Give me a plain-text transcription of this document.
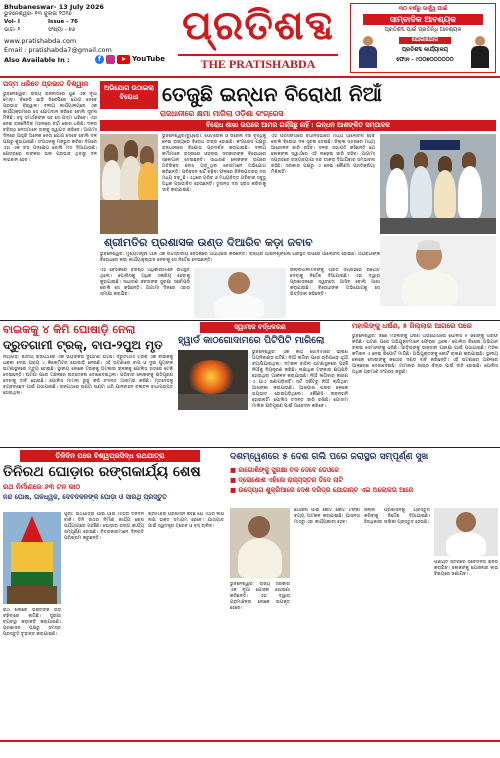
Bhubaneswar- 13 July 2026
ଭୁବନେଶ୍ୱର- ୧୩ ଜୁଲାଇ ୨୦୨୬
Vol- I	Issue - 76
ଭାଗ- ୧	ସଂଖ୍ୟା - ୭୬
www.pratishabda.com
Email : pratishabda7@gmail.com
Also Available In :	f	YouTube
ପ୍ରତିଶବ୍ଦ
THE PRATISHABDA
୩୦ ବର୍ଷରୁ ଊର୍ଦ୍ଧ୍ୱ ପାଇଁ
ସାମ୍ବାଦିକ ଆବଶ୍ୟକ
ପ୍ରତିଶବ୍ଦ ପାଇଁ ପ୍ରତିନିଧି ଆବଶ୍ୟକ
ଯୋଗାଯୋଗ
ପ୍ରତିଶବ୍ଦ କାର୍ଯ୍ୟାଳୟ
ଫୋନ - ୯୦୦୭୦୦୦୦୦୦
ପଦ୍ମ ଧରିବେ ପ୍ରଭାତ ବିଶ୍ୱାଳ
ଭୁବନେଶ୍ୱର: ରାଜ୍ୟ ରାଜନୀତିରେ ପୁଣି ଏକ ନୂଆ ମୋଡ଼। ବିଜେଡି ଛାଡ଼ି ବିଜେପିରେ ଯୋଗ ଦେବେ ପ୍ରଭାତ ବିଶ୍ୱାଳ। ଦଳୀୟ କାର୍ଯ୍ୟାଳୟରେ ଏକ କାର୍ଯ୍ୟକ୍ରମରେ ସେ ଯୋଗଦାନ କରିବେ ବୋଲି ସୂଚନା ମିଳିଛି। ବହୁ ସମର୍ଥକଙ୍କ ସହ ସେ ପଦ୍ମ ଧରିବେ। ଏହା ନେଇ ରାଜନୈତିକ ମହଲରେ ଚର୍ଚ୍ଚା ଜୋର ଧରିଛି। ଦଳର ବରିଷ୍ଠ ନେତାମାନେ ତାଙ୍କୁ ସ୍ୱାଗତ କରିବେ। ଆଗାମୀ ଦିନରେ ଆହୁରି ଅନେକ ନେତା ଯୋଗ ଦେବେ ବୋଲି ଦଳ ପକ୍ଷରୁ କୁହାଯାଇଛି। ସଂଗଠନକୁ ମଜଭୁତ କରିବା ଦିଗରେ ଏହା ଏକ ବଡ଼ ପଦକ୍ଷେପ ବୋଲି ମତ ଦିଆଯାଉଛି। କ୍ଷେତ୍ରରେ ତାଙ୍କର ଭଲ ପ୍ରଭାବ ଥିବାରୁ ଦଳ ଲାଭବାନ ହେବ।
ଅଭିଯୋଗ ଉଠାଇଲା ବିରୋଧୀ	ତେଜୁଛି ଇନ୍ଧନ ବିରୋଧୀ ନିଆଁ
ରାଜଧାନୀରେ କ୍ଷମା ମାଗିଲା ଓଡ଼ିଶା କଂଗ୍ରେସ
ବିରୋଧ ଶାଖା ଉପରେ ଆମର ଗର୍ଜ୍ଜିଛୁ ନାହିଁ : ଇନ୍ଧନ ଆଶଙ୍କିତ ସମ୍ପାଦକ
ଭୁବନେଶ୍ୱର(ବ୍ୟୁରୋ): ପେଟ୍ରୋଲ ଓ ଡିଜେଲ ଦର ବୃଦ୍ଧିକୁ ନେଇ ରାଜ୍ୟରେ ବିରୋଧ ତୀବ୍ର ହୋଇଛି। କଂଗ୍ରେସ ପକ୍ଷରୁ ରାଜଧାନୀରେ ବିକ୍ଷୋଭ ପ୍ରଦର୍ଶନ କରାଯାଇଛି। ଦଳୀୟ କର୍ମୀମାନେ ରାସ୍ତାରେ ଓହ୍ଲାଇ ସରକାରଙ୍କ ବିରୋଧରେ ସ୍ଲୋଗାନ ଦେଇଛନ୍ତି। ସାଧାରଣ ଲୋକଙ୍କ ଉପରେ ଅତିରିକ୍ତ ବୋଝ ପଡ଼ୁଥିବା ନେତାମାନେ ଅଭିଯୋଗ କରିଛନ୍ତି। ପରିବହନ ଖର୍ଚ୍ଚ ବଢ଼ିବା ଫଳରେ ଜିନିଷପତ୍ରର ଦର ମଧ୍ୟ ବଢ଼ୁଛି। ଏଥିରେ ଗରିବ ଓ ମଧ୍ୟବିତ୍ତ ପରିବାର ସବୁଠୁ ଅଧିକ ପ୍ରଭାବିତ ହେଉଛନ୍ତି। ତୁରନ୍ତ ଦର ହ୍ରାସ କରିବାକୁ ଦାବି କରାଯାଇଛି।
ଏହି ପ୍ରସଙ୍ଗରେ ବିଧାନସଭାରେ ମଧ୍ୟ ଆଲୋଚନା ହେବ ବୋଲି ବିରୋଧୀ ଦଳ ସୂଚନା ଦେଇଛି। ଜିଲ୍ଲା ସ୍ତରରେ ମଧ୍ୟ ଆନ୍ଦୋଳନ ଜାରି ରହିବ। ଦଳର ସଭାପତି କହିଛନ୍ତି ଯେ ଲୋକଙ୍କ ସ୍ୱାର୍ଥରେ ଏହି ଲଢ଼େଇ ଜାରି ରହିବ। ଆଗାମୀ ସପ୍ତାହରେ ରାଜ୍ୟବ୍ୟାପୀ ବନ୍ଦ ଡାକରା ଦିଆଯିବାର ସମ୍ଭାବନା ରହିଛି। ସରକାର ପକ୍ଷରୁ ଏ ନେଇ କୌଣସି ପ୍ରତିକ୍ରିୟା ମିଳିନାହିଁ।
ଶ୍ରୀମତିର ପ୍ରଶାସକ ଉଣ୍ଡ ଦିଆରିବ କଡ଼ା ଜବାବ
ଭୁବନେଶ୍ୱର: ମୁଖ୍ୟମନ୍ତ୍ରୀ ଆଜି ଏକ ଉଚ୍ଚସ୍ତରୀୟ ବୈଠକରେ ଅଧ୍ୟକ୍ଷତା କରିଛନ୍ତି। ରାଜ୍ୟର ଆଇନଶୃଙ୍ଖଳା ପରିସ୍ଥିତି ଉପରେ ଆଲୋଚନା ହୋଇଛି। ଅପରାଧୀଙ୍କ ବିରୋଧରେ କଡ଼ା କାର୍ଯ୍ୟାନୁଷ୍ଠାନ ନେବାକୁ ସେ ନିର୍ଦ୍ଦେଶ ଦେଇଛନ୍ତି।
ଏହି ବୈଠକରେ ବରିଷ୍ଠ ଅଧିକାରୀମାନେ ଉପସ୍ଥିତ ଥିଲେ। ପୋଲିସକୁ ଅଧିକ ସକ୍ରିୟ ହେବାକୁ କୁହାଯାଇଛି। ସାଧାରଣ ଜନତାଙ୍କ ସୁରକ୍ଷା ସର୍ବୋପରି ବୋଲି ସେ କହିଛନ୍ତି। ଆଗାମୀ ଦିନରେ ଏହାର ସମୀକ୍ଷା କରାଯିବ।
ଜିଲ୍ଲାପାଳମାନଙ୍କୁ ପ୍ରତି ସପ୍ତାହରେ ରିପୋର୍ଟ ଦେବାକୁ ନିର୍ଦ୍ଦେଶ ଦିଆଯାଇଛି। ଏହା ଦ୍ୱାରା ପ୍ରଶାସନରେ ସ୍ୱଚ୍ଛତା ଆସିବ ବୋଲି ଆଶା କରାଯାଉଛି। ବିରୋଧୀଙ୍କ ଅଭିଯୋଗକୁ ସେ ଭିତ୍ତିହୀନ କହିଛନ୍ତି।
ବାଇକକୁ ୪ କିମି ଘୋଷାଡ଼ି ନେଲା
ଦ୍ରୁତଗାମୀ ଟ୍ରକ୍, ବାପ-୨ପୁଅ ମୃତ
ନୟାଗଡ଼: ଜାତୀୟ ରାଜପଥରେ ଏକ ଭୟଙ୍କର ଦୁର୍ଘଟଣା ଘଟିଛି। ଦ୍ରୁତଗାମୀ ଟ୍ରକ୍ ଏକ ବାଇକକୁ ଧକ୍କା ଦେଇ ପ୍ରାୟ ୪ କିଲୋମିଟର ଘୋଷାଡ଼ି ନେଇଛି। ଏହି ଘଟଣାରେ ବାପ ଓ ଦୁଇ ପୁଅଙ୍କ ଘଟଣାସ୍ଥଳରେ ମୃତ୍ୟୁ ହୋଇଛି। ସ୍ଥାନୀୟ ଲୋକେ ଟ୍ରକକୁ ଅଟକାଇ ଚାଳକକୁ ପୋଲିସ ହାତରେ ଟେକି ଦେଇଛନ୍ତି। ଘଟଣା ପରେ ଅଞ୍ଚଳରେ ଉତ୍ତେଜନା ଦେଖାଦେଇଥିଲା। ପରିବାର ଲୋକଙ୍କୁ କ୍ଷତିପୂରଣ ଦେବାକୁ ଦାବି ହୋଇଛି। ପୋଲିସ ମାମଲା ରୁଜୁ କରି ତଦନ୍ତ ଆରମ୍ଭ କରିଛି। ମୃତଦେହକୁ ବ୍ୟବଚ୍ଛେଦ ପାଇଁ ପଠାଯାଇଛି। ରାଜପଥରେ ଘଣ୍ଟା ଘଣ୍ଟା ଧରି ଯାନବାହନ ଚଳାଚଳ ବାଧାପ୍ରାପ୍ତ ହୋଇଥିଲା।
ସ୍ୱାମୀଜ ବର୍ଦ୍ଧକରଣ
ହ୍ୱାର୍ଡ କାଠଗୋଦାମରେ ପିଟିପିଟି ମାରିଲୋ
ଭୁବନେଶ୍ୱର: ଏକ କାଠ ଗୋଦାମରେ ଭୀଷଣ ଅଗ୍ନିକାଣ୍ଡ ଘଟିଛି। ନିଆଁ ଲାଗିବା ପରେ ଚାରିଆଡ଼େ ଧୂଆଁ ବ୍ୟାପିଯାଇଥିଲା। ଦମକଳ ବାହିନୀ ଘଟଣାସ୍ଥଳରେ ପହଞ୍ଚି ନିଆଁକୁ ନିୟନ୍ତ୍ରଣ କରିଛି। ଲକ୍ଷାଧିକ ଟଙ୍କାର କ୍ଷୟକ୍ଷତି ହୋଇଥିବା ଆକଳନ କରାଯାଉଛି। ନିଆଁ ଲାଗିବାର କାରଣ ଏ ଯାଏ ଜଣାପଡ଼ିନାହିଁ। ସର୍ଟ ସର୍କିଟରୁ ନିଆଁ ଲାଗିଥିବା ଆଶଙ୍କା କରାଯାଉଛି। ଆଖପାଖ ଘରର ଲୋକେ ଭୟଭୀତ ହୋଇପଡ଼ିଥିଲେ। କୌଣସି ଜୀବନହାନି ହୋଇନାହିଁ। ପୋଲିସ ତଦନ୍ତ ଜାରି ରଖିଛି। ଗୋଦାମ ମାଲିକ କ୍ଷତିପୂରଣ ପାଇଁ ଆବେଦନ କରିବେ।
ମହାଲିଙ୍କୁ ଧର୍ଷଣ, ୫ ଜିଲ୍ଲାର ଆଗରେ ପରେ
ଭୁବନେଶ୍ୱର: ଜଣେ ମହିଳାଙ୍କୁ ଧର୍ଷଣ ଅଭିଯୋଗରେ ପୋଲିସ ୫ ଜଣଙ୍କୁ ଗିରଫ କରିଛି। ଘଟଣା ପରେ ଅଭିଯୁକ୍ତମାନେ ଫେରାର ଥିଲେ। ପୋଲିସ ବିଶେଷ ଅଭିଯାନ ଚଳାଇ ସେମାନଙ୍କୁ ଧରିଛି। ପୀଡ଼ିତାଙ୍କୁ ଡାକ୍ତରୀ ପରୀକ୍ଷା ପାଇଁ ପଠାଯାଇଛି। ମହିଳା କମିଶନ ଏ ନେଇ ରିପୋର୍ଟ ମାଗିଛି। ଅଭିଯୁକ୍ତଙ୍କୁ କୋର୍ଟ ଚାଲାଣ କରାଯାଇଛି। ସ୍ଥାନୀୟ ଲୋକେ ଦୋଷୀଙ୍କୁ କଠୋର ଦଣ୍ଡ ଦାବି କରିଛନ୍ତି। ଏହି ଘଟଣାରେ ଅଞ୍ଚଳରେ ଆକ୍ରୋଶ ଦେଖାଦେଇଛି। ମାମଲାର ଶୀଘ୍ର ବିଚାର ପାଇଁ ଦାବି ହୋଇଛି। ପୋଲିସ ଅଧିକ ପ୍ରମାଣ ସଂଗ୍ରହ କରୁଛି।
ତିନିଦିନ ପରେ ବିଶ୍ୱପ୍ରସିଦ୍ଧ ରଥଯାତ୍ରା
ତିନିରଥ ଘୋଡ଼ାର ରଙ୍ଗକାର୍ଯ୍ୟ ଶେଷ
ରଥ ନିର୍ମାଣରେ ୬୩ ଟନ କାଠ
ନନ୍ଦ ଘୋଷ, ତାଳଧ୍ୱଜ, ଦେବଦଳନଙ୍କ ଘୋଡ଼ା ଓ ସାରଥି ପ୍ରସ୍ତୁତ
ପୁରୀ: ରଥଯାତ୍ରା ପାଇଁ ଆଉ ମାତ୍ର ତିନିଦିନ ବାକି। ତିନି ରଥର ନିର୍ମାଣ କାର୍ଯ୍ୟ ଶେଷ ପର୍ଯ୍ୟାୟରେ ପହଞ୍ଚିଛି। ଘୋଡ଼ାର ରଙ୍ଗ କାର୍ଯ୍ୟ ସମ୍ପୂର୍ଣ୍ଣ ହୋଇଛି। ଚିତ୍ରକାରମାନେ ଦିନରାତି ପରିଶ୍ରମ କରୁଛନ୍ତି।
ରଥ ଖଳାରେ ଭକ୍ତଙ୍କ ଭିଡ଼ ବଢ଼ିବାରେ ଲାଗିଛି। ସୁରକ୍ଷା ବ୍ୟବସ୍ଥା କଡ଼ାକଡ଼ି କରାଯାଇଛି। ପ୍ରଶାସନ ପକ୍ଷରୁ ସମସ୍ତ ପ୍ରସ୍ତୁତି ଚୂଡ଼ାନ୍ତ କରାଯାଇଛି।
ଶ୍ରୀମନ୍ଦିର ପ୍ରଶାସନ କହିଛି ଯେ ଏଥର ଲକ୍ଷ ଲକ୍ଷ ଭକ୍ତ ସମାଗମ ହେବେ। ଯାତାୟାତ ପାଇଁ ସ୍ୱତନ୍ତ୍ର ଟ୍ରେନ ଓ ବସ୍ ଚାଲିବ।
ଦଶମ୍ୱେଣରେ ୫ ଦେଶ ଗଲି ପରେ ଜରାସ୍ଥର ସମ୍ପୂର୍ଣ୍ଣ ସୁଖ
■ ଜାଗୋଶିଙ୍କୁ ସୁରକ୍ଷା ବଳ ଦେବେ ଡେଓଜେ
■ ଦ୍ରୋଶୋଶ ଏହିଲେ ରାଜ୍ୟସ୍ତର ତିଦେ ନାଟି
■ ଉଦ୍ୟୋଗ ଶୁକ୍ରିଆରେ ଦେଶ ଦରିଦ୍ର ଯୋଗାନ୍ଟ ଏଇ ଅଲୋକତା ଆଜେ
ଭୁବନେଶ୍ୱର: ରାଜ୍ୟ ସରକାର ଏକ ନୂଆ ଯୋଜନା ଘୋଷଣା କରିଛନ୍ତି। ଏହା ଦ୍ୱାରା ଗ୍ରାମାଞ୍ଚଳର ଲୋକେ ଉପକୃତ ହେବେ।
ଯୋଜନା ପାଇଁ କୋଟି କୋଟି ଟଙ୍କା ବ୍ୟୟ ଅଟକଳ କରାଯାଇଛି। ଆସନ୍ତା ମାସରୁ ଏହା କାର୍ଯ୍ୟକାରୀ ହେବ।
ଜିଲ୍ଲା ପ୍ରଶାସନକୁ ପ୍ରସ୍ତୁତି କରିବାକୁ ନିର୍ଦ୍ଦେଶ ଦିଆଯାଇଛି। ହିତାଧିକାରୀ ତାଲିକା ପ୍ରସ୍ତୁତ ହେଉଛି।
ପଞ୍ଚାୟତ ସ୍ତରରେ ସଚେତନତା ଶିବିର କରାଯିବ। ଲୋକଙ୍କୁ ଯୋଜନାର ଲାଭ ବିଷୟରେ ଜଣାଯିବ।
